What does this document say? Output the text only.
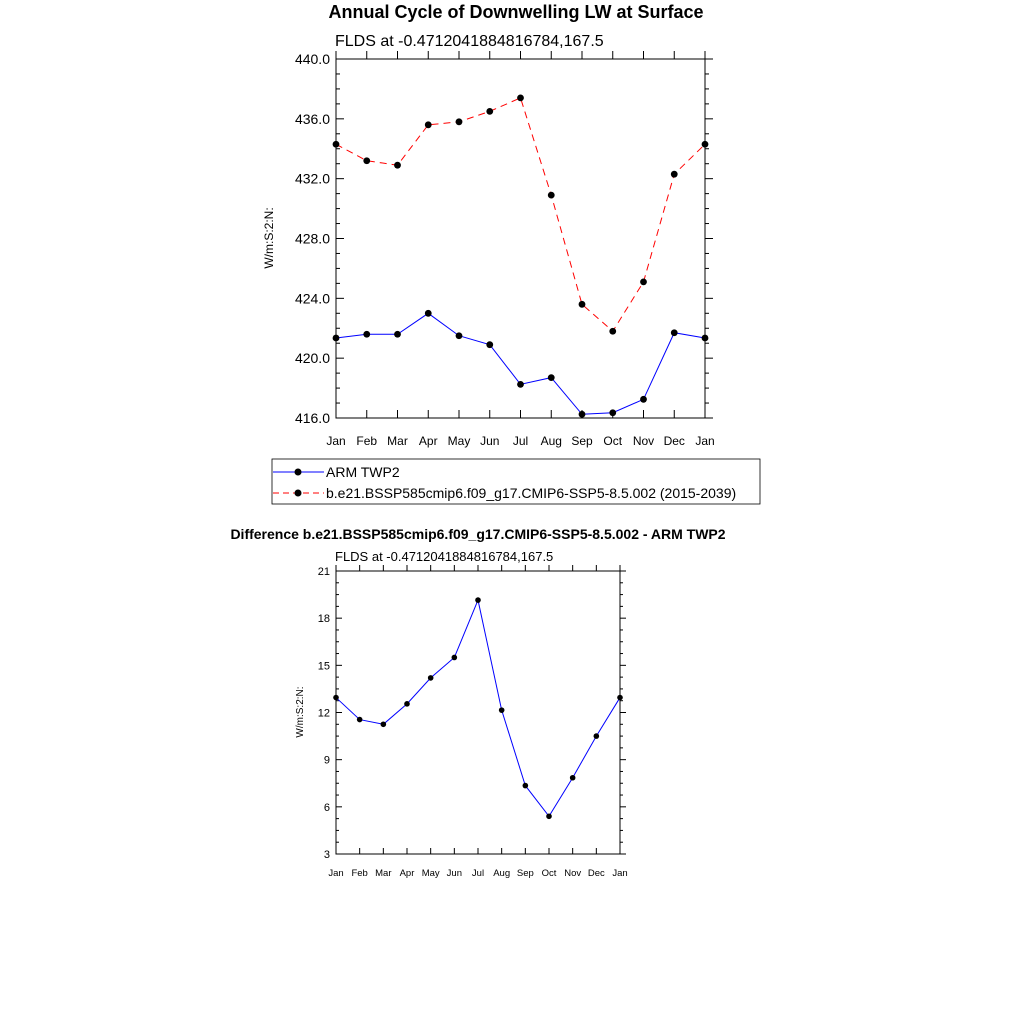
Annual Cycle of Downwelling LW at Surface
FLDS at -0.47120418848167​84,167.5
W/m:S:2:N:
Jan Feb Mar Apr May Jun Jul Aug Sep Oct Nov Dec Jan
416.0
420.0
424.0
428.0
432.0
436.0
440.0
ARM TWP2
b.e21.BSSP585cmip6.f09_g17.CMIP6-SSP5-8.5.002 (2015-2039)
Difference b.e21.BSSP585cmip6.f09_g17.CMIP6-SSP5-8.5.002 - ARM TWP2
FLDS at -0.47120418848167​84,167.5
W/m:S:2:N:
Jan Feb Mar Apr May Jun Jul Aug Sep Oct Nov Dec Jan
3
6
9
12
15
18
21
